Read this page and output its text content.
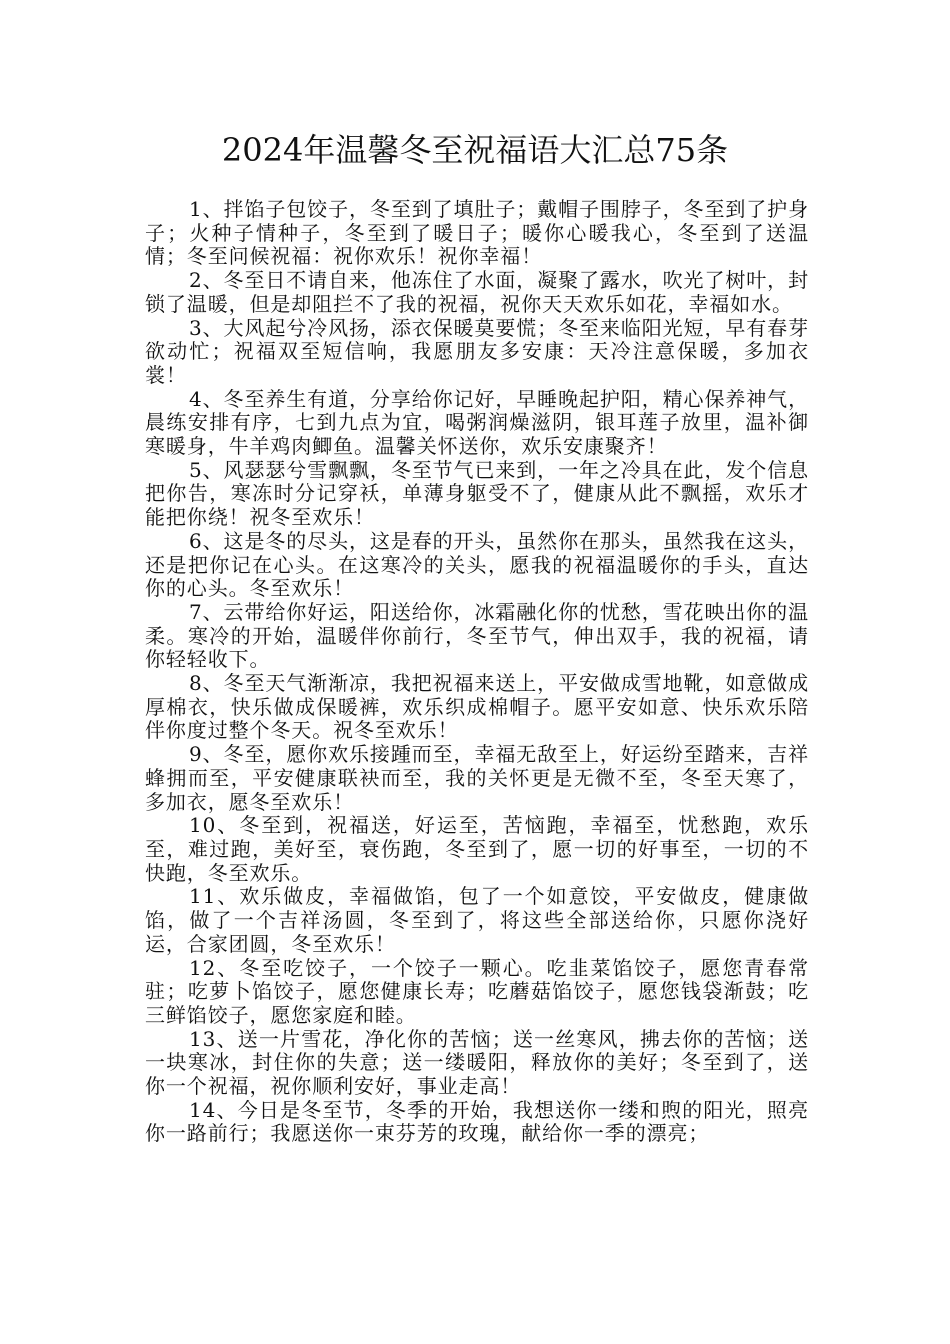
2024年温馨冬至祝福语大汇总75条

1、拌馅子包饺子，冬至到了填肚子；戴帽子围脖子，冬至到了护身子；火种子情种子，冬至到了暖日子；暖你心暖我心，冬至到了送温情；冬至问候祝福：祝你欢乐！祝你幸福！

2、冬至日不请自来，他冻住了水面，凝聚了露水，吹光了树叶，封锁了温暖，但是却阻拦不了我的祝福，祝你天天欢乐如花，幸福如水。

3、大风起兮冷风扬，添衣保暖莫要慌；冬至来临阳光短，早有春芽欲动忙；祝福双至短信响，我愿朋友多安康：天冷注意保暖，多加衣裳！

4、冬至养生有道，分享给你记好，早睡晚起护阳，精心保养神气，晨练安排有序，七到九点为宜，喝粥润燥滋阴，银耳莲子放里，温补御寒暖身，牛羊鸡肉鲫鱼。温馨关怀送你，欢乐安康聚齐！

5、风瑟瑟兮雪飘飘，冬至节气已来到，一年之冷具在此，发个信息把你告，寒冻时分记穿袄，单薄身躯受不了，健康从此不飘摇，欢乐才能把你绕！祝冬至欢乐！

6、这是冬的尽头，这是春的开头，虽然你在那头，虽然我在这头，还是把你记在心头。在这寒冷的关头，愿我的祝福温暖你的手头，直达你的心头。冬至欢乐！

7、云带给你好运，阳送给你，冰霜融化你的忧愁，雪花映出你的温柔。寒冷的开始，温暖伴你前行，冬至节气，伸出双手，我的祝福，请你轻轻收下。

8、冬至天气渐渐凉，我把祝福来送上，平安做成雪地靴，如意做成厚棉衣，快乐做成保暖裤，欢乐织成棉帽子。愿平安如意、快乐欢乐陪伴你度过整个冬天。祝冬至欢乐！

9、冬至，愿你欢乐接踵而至，幸福无敌至上，好运纷至踏来，吉祥蜂拥而至，平安健康联袂而至，我的关怀更是无微不至，冬至天寒了，多加衣，愿冬至欢乐！

10、冬至到，祝福送，好运至，苦恼跑，幸福至，忧愁跑，欢乐至，难过跑，美好至，衰伤跑，冬至到了，愿一切的好事至，一切的不快跑，冬至欢乐。

11、欢乐做皮，幸福做馅，包了一个如意饺，平安做皮，健康做馅，做了一个吉祥汤圆，冬至到了，将这些全部送给你，只愿你浇好运，合家团圆，冬至欢乐！

12、冬至吃饺子，一个饺子一颗心。吃韭菜馅饺子，愿您青春常驻；吃萝卜馅饺子，愿您健康长寿；吃蘑菇馅饺子，愿您钱袋渐鼓；吃三鲜馅饺子，愿您家庭和睦。

13、送一片雪花，净化你的苦恼；送一丝寒风，拂去你的苦恼；送一块寒冰，封住你的失意；送一缕暖阳，释放你的美好；冬至到了，送你一个祝福，祝你顺利安好，事业走高！

14、今日是冬至节，冬季的开始，我想送你一缕和煦的阳光，照亮你一路前行；我愿送你一束芬芳的玫瑰，献给你一季的漂亮；
